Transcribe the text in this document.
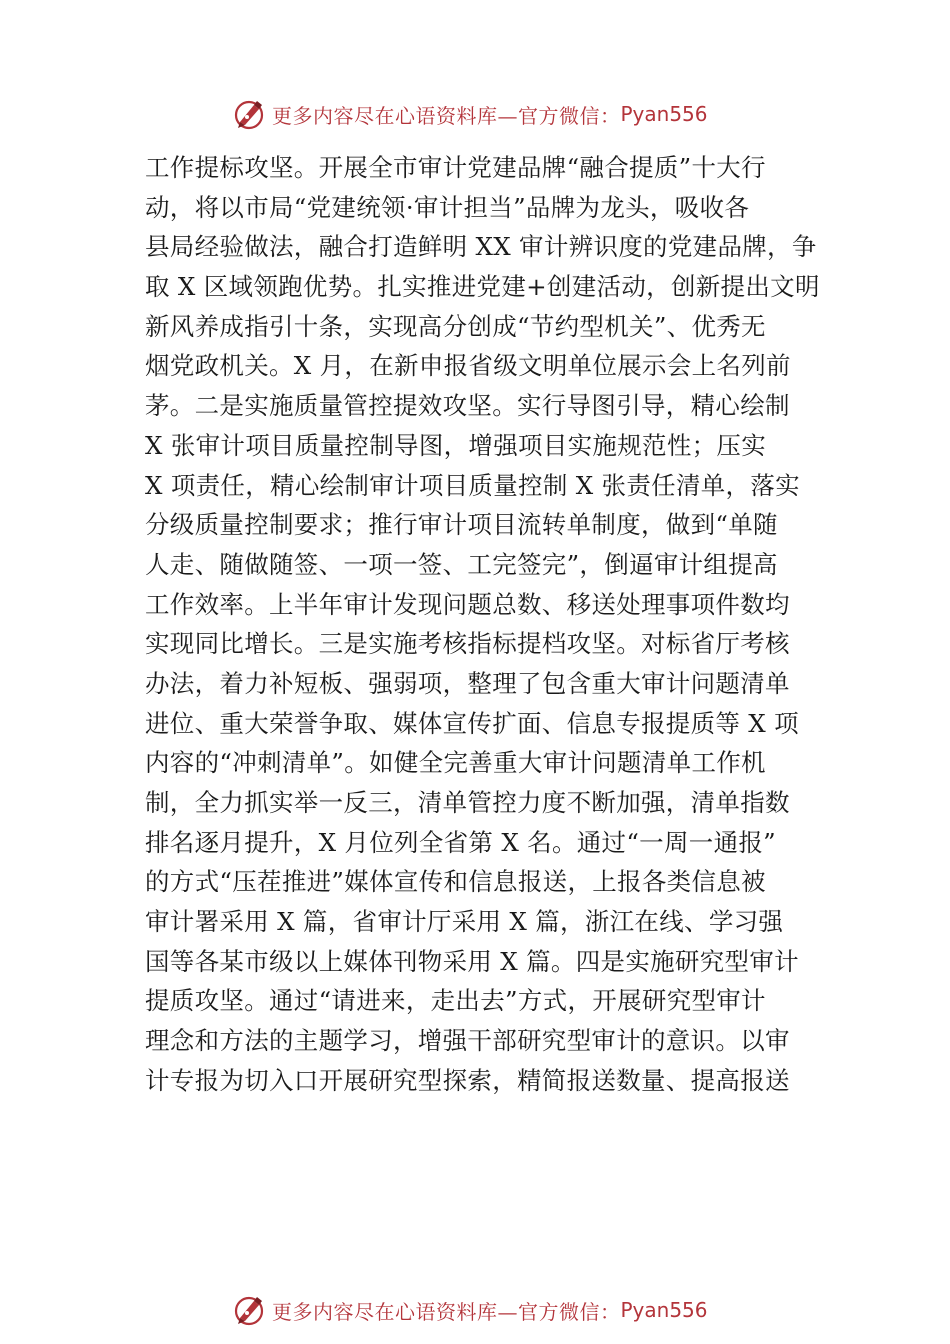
更多内容尽在心语资料库—官方微信： Pyan556
工作提标攻坚。开展全市审计党建品牌“融合提质”十大行
动，将以市局“党建统领·审计担当”品牌为龙头，吸收各
县局经验做法，融合打造鲜明 XX 审计辨识度的党建品牌，争
取 X 区域领跑优势。扎实推进党建+创建活动，创新提出文明
新风养成指引十条，实现高分创成“节约型机关”、优秀无
烟党政机关。X 月，在新申报省级文明单位展示会上名列前
茅。二是实施质量管控提效攻坚。实行导图引导，精心绘制
X 张审计项目质量控制导图，增强项目实施规范性；压实
X 项责任，精心绘制审计项目质量控制 X 张责任清单，落实
分级质量控制要求；推行审计项目流转单制度，做到“单随
人走、随做随签、一项一签、工完签完”，倒逼审计组提高
工作效率。上半年审计发现问题总数、移送处理事项件数均
实现同比增长。三是实施考核指标提档攻坚。对标省厅考核
办法，着力补短板、强弱项，整理了包含重大审计问题清单
进位、重大荣誉争取、媒体宣传扩面、信息专报提质等 X 项
内容的“冲刺清单”。如健全完善重大审计问题清单工作机
制，全力抓实举一反三，清单管控力度不断加强，清单指数
排名逐月提升，X 月位列全省第 X 名。通过“一周一通报”
的方式“压茬推进”媒体宣传和信息报送，上报各类信息被
审计署采用 X 篇，省审计厅采用 X 篇，浙江在线、学习强
国等各某市级以上媒体刊物采用 X 篇。四是实施研究型审计
提质攻坚。通过“请进来，走出去”方式，开展研究型审计
理念和方法的主题学习，增强干部研究型审计的意识。以审
计专报为切入口开展研究型探索，精简报送数量、提高报送
更多内容尽在心语资料库—官方微信： Pyan556
